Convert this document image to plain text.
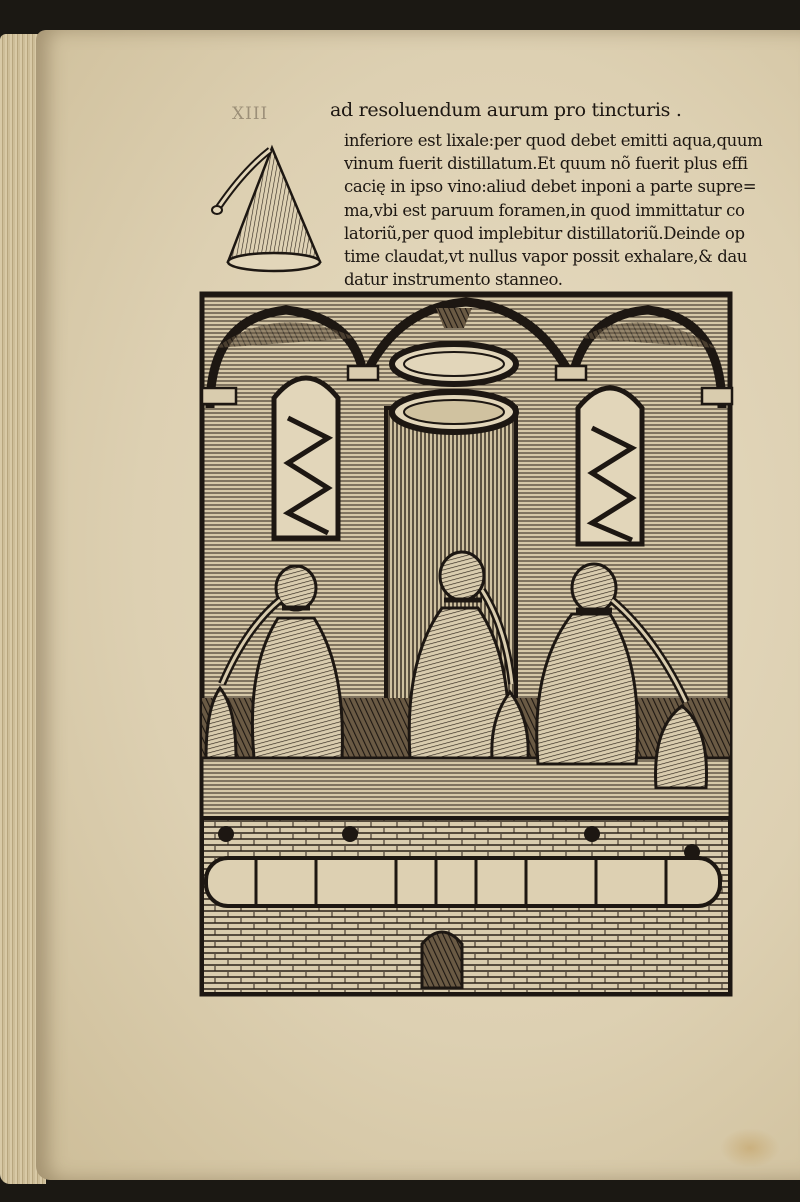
XIII	ad resoluendum aurum pro tincturis .
inferiore est lixale:per quod debet emitti aqua,quum
vinum fuerit distillatum.Et quum nõ fuerit plus effi
cacię in ipso vino:aliud debet inponi a parte supre=
ma,vbi est paruum foramen,in quod immittatur co
latoriũ,per quod implebitur distillatoriũ.Deinde op
time claudat,vt nullus vapor possit exhalare,& dau
datur instrumento stanneo.
